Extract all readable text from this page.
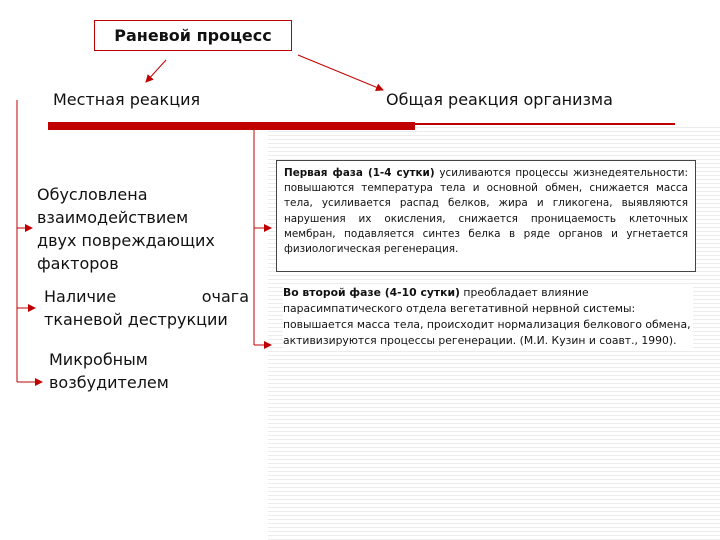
Раневой процесс
Местная реакция	Общая реакция организма
Обусловлена взаимодействием двух повреждающих факторов
Наличие очага тканевой деструкции
Микробным возбудителем
Первая фаза (1-4 сутки) усиливаются процессы жизнедеятельности: повышаются температура тела и основной обмен, снижается масса тела, усиливается распад белков, жира и гликогена, выявляются нарушения их окисления, снижается проницаемость клеточных мембран, подавляется синтез белка в ряде органов и угнетается физиологическая регенерация.
Во второй фазе (4-10 сутки) преобладает влияние парасимпатического отдела вегетативной нервной системы: повышается масса тела, происходит нормализация белкового обмена, активизируются процессы регенерации. (М.И. Кузин и соавт., 1990).
